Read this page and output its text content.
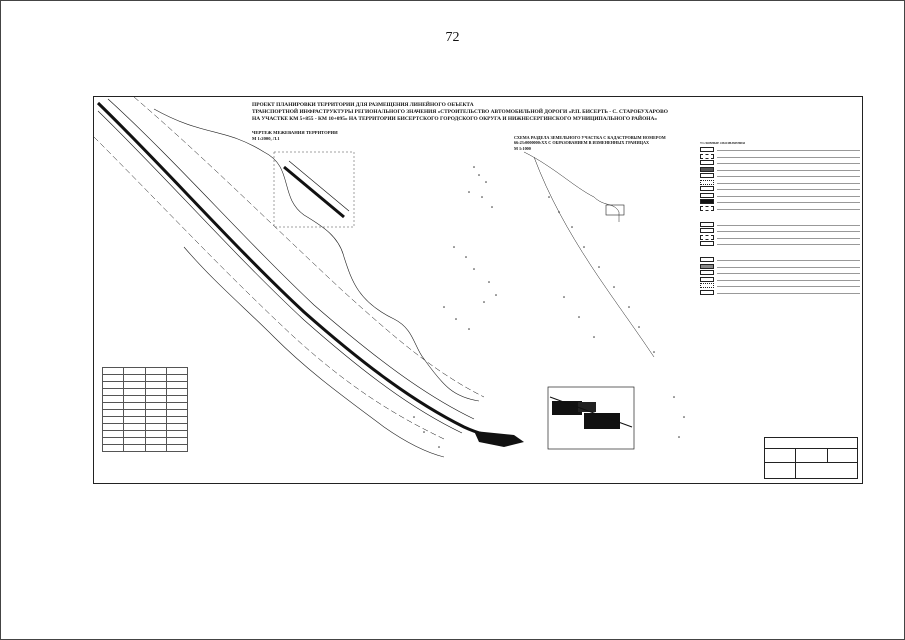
72
ПРОЕКТ ПЛАНИРОВКИ ТЕРРИТОРИИ ДЛЯ РАЗМЕЩЕНИЯ ЛИНЕЙНОГО ОБЪЕКТА
ТРАНСПОРТНОЙ ИНФРАСТРУКТУРЫ РЕГИОНАЛЬНОГО ЗНАЧЕНИЯ «СТРОИТЕЛЬСТВО АВТОМОБИЛЬНОЙ ДОРОГИ «Р.П. БИСЕРТЬ - С. СТАРОБУХАРОВО
НА УЧАСТКЕ КМ 5+855 - КМ 10+095» НА ТЕРРИТОРИИ БИСЕРТСКОГО ГОРОДСКОГО ОКРУГА И НИЖНЕСЕРГИНСКОГО МУНИЦИПАЛЬНОГО РАЙОНА»
ЧЕРТЕЖ МЕЖЕВАНИЯ ТЕРРИТОРИИ
М 1:2000, Л.1	СХЕМА РАЗДЕЛА ЗЕМЕЛЬНОГО УЧАСТКА С КАДАСТРОВЫМ НОМЕРОМ
66:23:0000000:ХХ С ОБРАЗОВАНИЕМ В ИЗМЕНЕННЫХ ГРАНИЦАХ
М 1:1000
УСЛОВНЫЕ ОБОЗНАЧЕНИЯ
